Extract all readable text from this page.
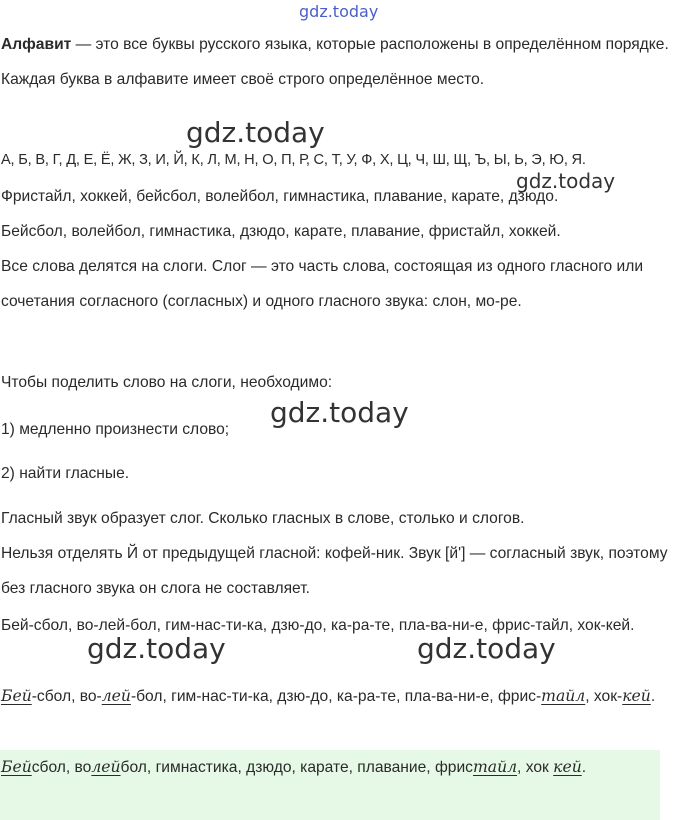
Алфавит — это все буквы русского языка, которые расположены в определённом порядке. Каждая буква в алфавите имеет своё строго определённое место.

А, Б, В, Г, Д, Е, Ё, Ж, З, И, Й, К, Л, М, Н, О, П, Р, С, Т, У, Ф, Х, Ц, Ч, Ш, Щ, Ъ, Ы, Ь, Э, Ю, Я.

Фристайл, хоккей, бейсбол, волейбол, гимнастика, плавание, карате, дзюдо.

Бейсбол, волейбол, гимнастика, дзюдо, карате, плавание, фристайл, хоккей.

Все слова делятся на слоги. Слог — это часть слова, состоящая из одного гласного или сочетания согласного (согласных) и одного гласного звука: слон, мо-ре.

Чтобы поделить слово на слоги, необходимо:

1) медленно произнести слово;

2) найти гласные.

Гласный звук образует слог. Сколько гласных в слове, столько и слогов.

Нельзя отделять Й от предыдущей гласной: кофей-ник. Звук [й'] — согласный звук, поэтому без гласного звука он слога не составляет.

Бей-сбол, во-лей-бол, гим-нас-ти-ка, дзю-до, ка-ра-те, пла-ва-ни-е, фрис-тайл, хок-кей.

Бей-сбол, во-лей-бол, гим-нас-ти-ка, дзю-до, ка-ра-те, пла-ва-ни-е, фрис-тайл, хок-кей.

Бейсбол, волейбол, гимнастика, дзюдо, карате, плавание, фристайл, хок кей.

gdz.today
gdz.today
gdz.today
gdz.today
gdz.today	gdz.today
